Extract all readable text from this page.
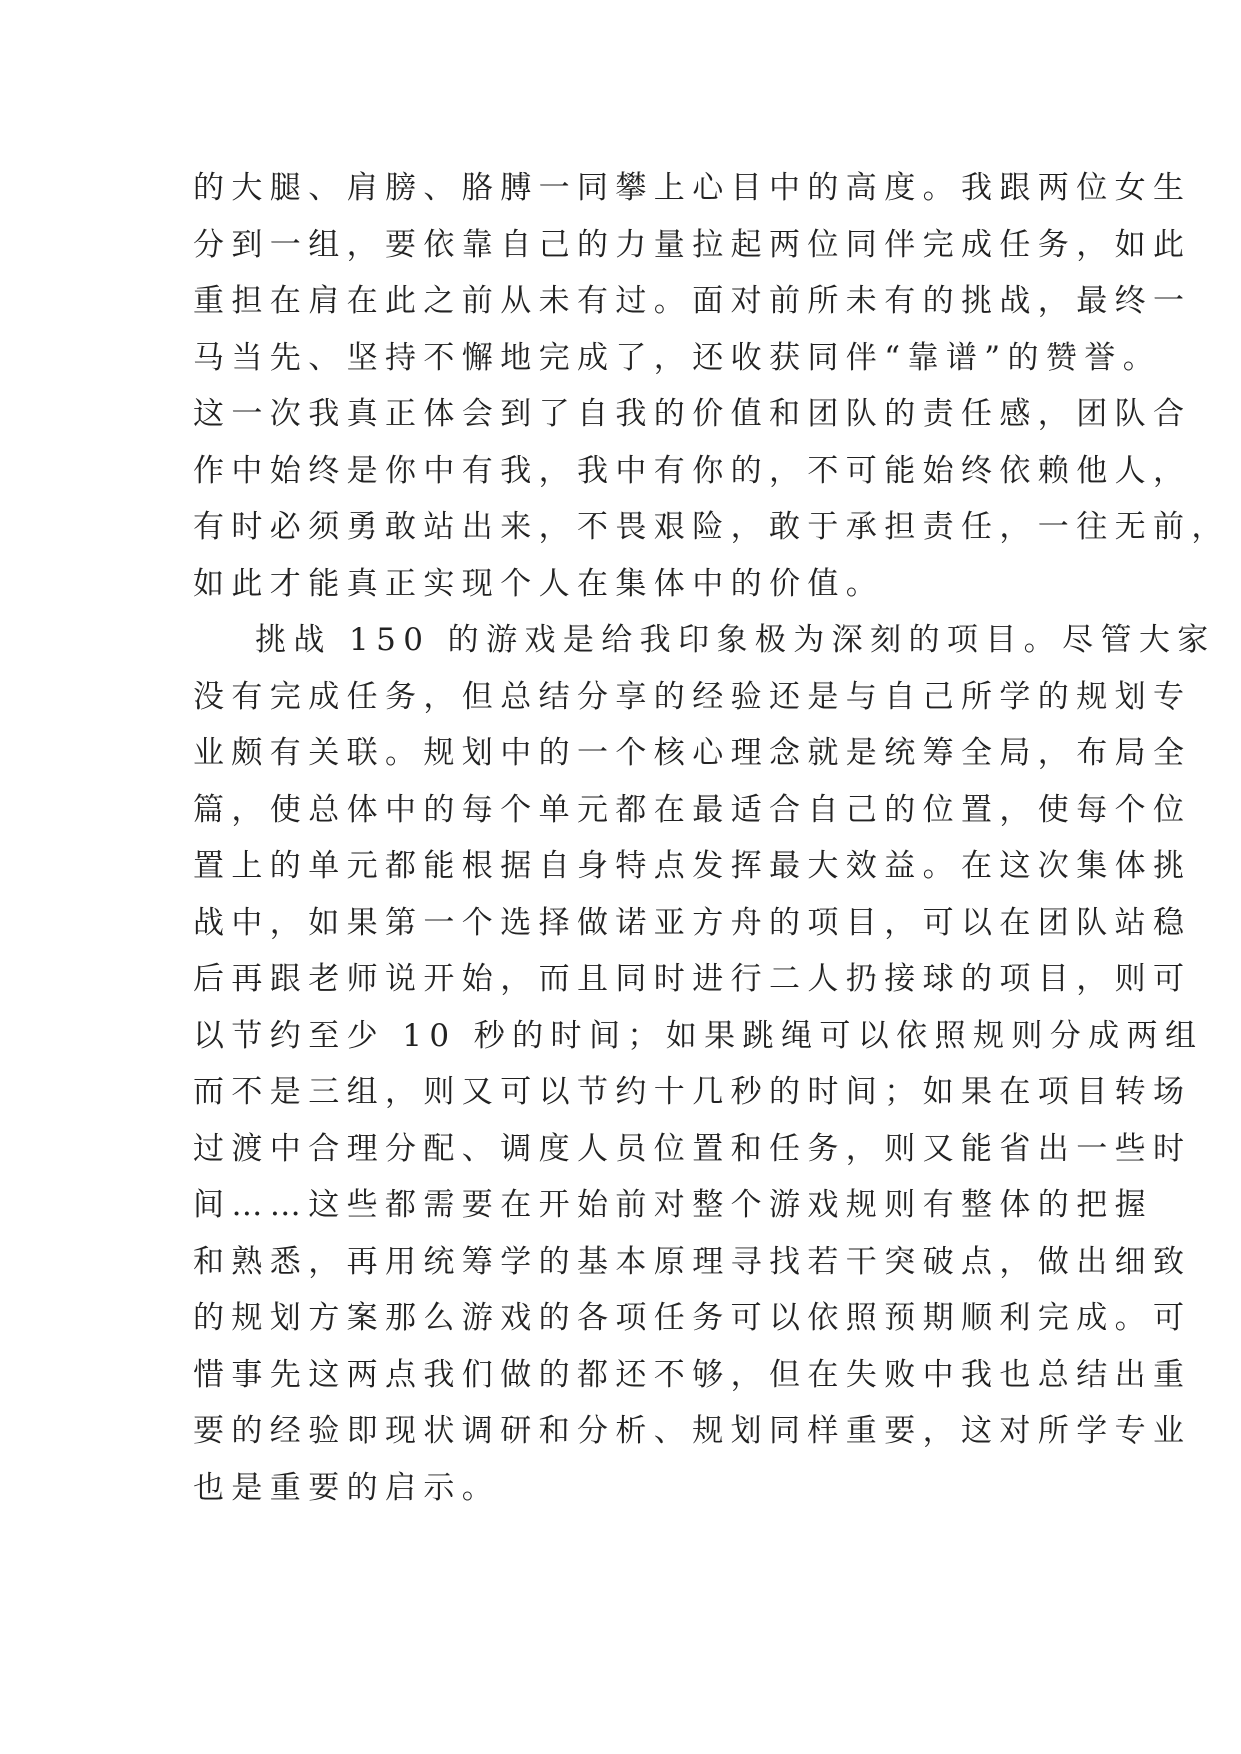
的大腿、肩膀、胳膊一同攀上心目中的高度。我跟两位女生
分到一组，要依靠自己的力量拉起两位同伴完成任务，如此
重担在肩在此之前从未有过。面对前所未有的挑战，最终一
马当先、坚持不懈地完成了，还收获同伴“靠谱”的赞誉。
这一次我真正体会到了自我的价值和团队的责任感，团队合
作中始终是你中有我，我中有你的，不可能始终依赖他人，
有时必须勇敢站出来，不畏艰险，敢于承担责任，一往无前，
如此才能真正实现个人在集体中的价值。
挑战 150 的游戏是给我印象极为深刻的项目。尽管大家
没有完成任务，但总结分享的经验还是与自己所学的规划专
业颇有关联。规划中的一个核心理念就是统筹全局，布局全
篇，使总体中的每个单元都在最适合自己的位置，使每个位
置上的单元都能根据自身特点发挥最大效益。在这次集体挑
战中，如果第一个选择做诺亚方舟的项目，可以在团队站稳
后再跟老师说开始，而且同时进行二人扔接球的项目，则可
以节约至少 10 秒的时间；如果跳绳可以依照规则分成两组
而不是三组，则又可以节约十几秒的时间；如果在项目转场
过渡中合理分配、调度人员位置和任务，则又能省出一些时
间……这些都需要在开始前对整个游戏规则有整体的把握
和熟悉，再用统筹学的基本原理寻找若干突破点，做出细致
的规划方案那么游戏的各项任务可以依照预期顺利完成。可
惜事先这两点我们做的都还不够，但在失败中我也总结出重
要的经验即现状调研和分析、规划同样重要，这对所学专业
也是重要的启示。
